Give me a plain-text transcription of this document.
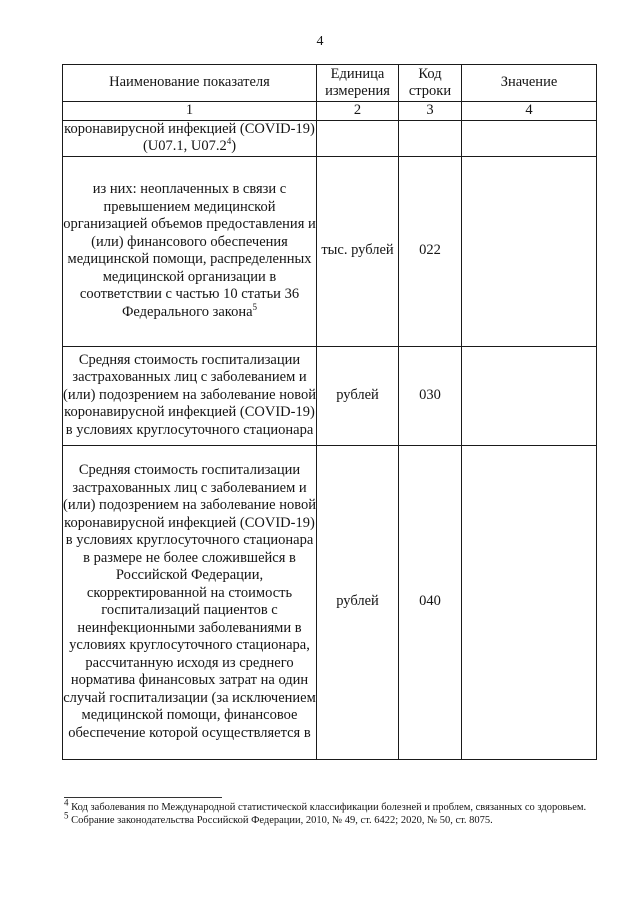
4
Наименование показателя	Единица измерения	Код строки	Значение
1	2	3	4
коронавирусной инфекцией (COVID-19) (U07.1, U07.2$^4$)			
из них: неоплаченных в связи с превышением медицинской организацией объемов предоставления и (или) финансового обеспечения медицинской помощи, распределенных медицинской организации в соответствии с частью 10 статьи 36 Федерального закона$^5$	тыс. рублей	022	
Средняя стоимость госпитализации застрахованных лиц с заболеванием и (или) подозрением на заболевание новой коронавирусной инфекцией (COVID-19) в условиях круглосуточного стационара	рублей	030	
Средняя стоимость госпитализации застрахованных лиц с заболеванием и (или) подозрением на заболевание новой коронавирусной инфекцией (COVID-19) в условиях круглосуточного стационара в размере не более сложившейся в Российской Федерации, скорректированной на стоимость госпитализаций пациентов с неинфекционными заболеваниями в условиях круглосуточного стационара, рассчитанную исходя из среднего норматива финансовых затрат на один случай госпитализации (за исключением медицинской помощи, финансовое обеспечение которой осуществляется в	рублей	040	
$^4$ Код заболевания по Международной статистической классификации болезней и проблем, связанных со здоровьем.
$^5$ Собрание законодательства Российской Федерации, 2010, № 49, ст. 6422; 2020, № 50, ст. 8075.
